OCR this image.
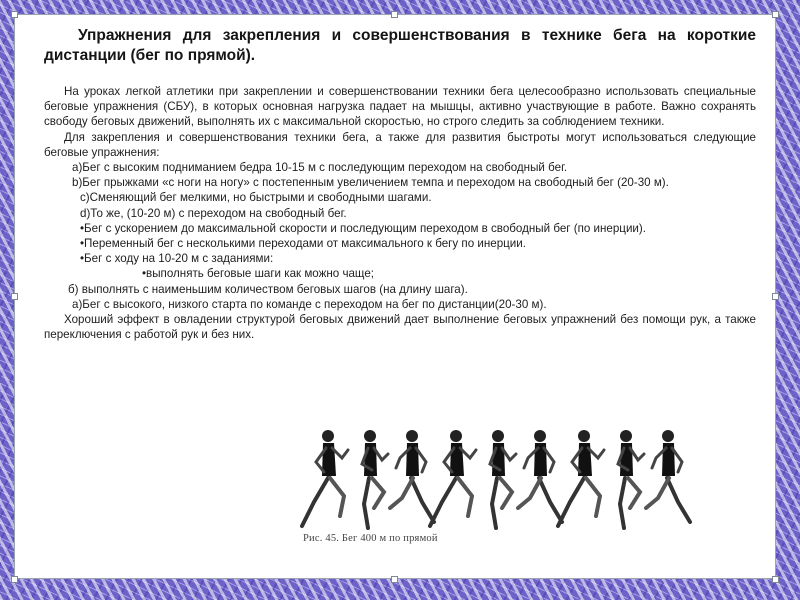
Упражнения для закрепления и совершенствования в технике бега на короткие дистанции (бег по прямой).

На уроках легкой атлетики при закреплении и совершенствовании техники бега целесообразно использовать специальные беговые упражнения (СБУ), в которых основная нагрузка падает на мышцы, активно участвующие в работе. Важно сохранять свободу беговых движений, выполнять их с максимальной скоростью, но строго следить за соблюдением техники.

Для закрепления и совершенствования техники бега, а также для развития быстроты могут использоваться следующие беговые упражнения:

a)Бег с высоким подниманием бедра 10-15 м с последующим переходом на свободный бег.

b)Бег прыжками «с ноги на ногу» с постепенным увеличением темпа и переходом на свободный бег (20-30 м).

c)Сменяющий бег мелкими, но быстрыми и свободными шагами.

d)То же, (10-20 м) с переходом на свободный бег.

•Бег с ускорением до максимальной скорости и последующим переходом в свободный бег (по инерции).

•Переменный бег с несколькими переходами от максимального к бегу по инерции.

•Бег с ходу на 10-20 м с заданиями:

•выполнять беговые шаги как можно чаще;

б) выполнять с наименьшим количеством беговых шагов (на длину шага).

a)Бег с высокого, низкого старта по команде с переходом на бег по дистанции(20-30 м).

Хороший эффект в овладении структурой беговых движений дает выполнение беговых упражнений без помощи рук, а также переключения с работой рук и без них.

Рис. 45. Бег 400 м по прямой
